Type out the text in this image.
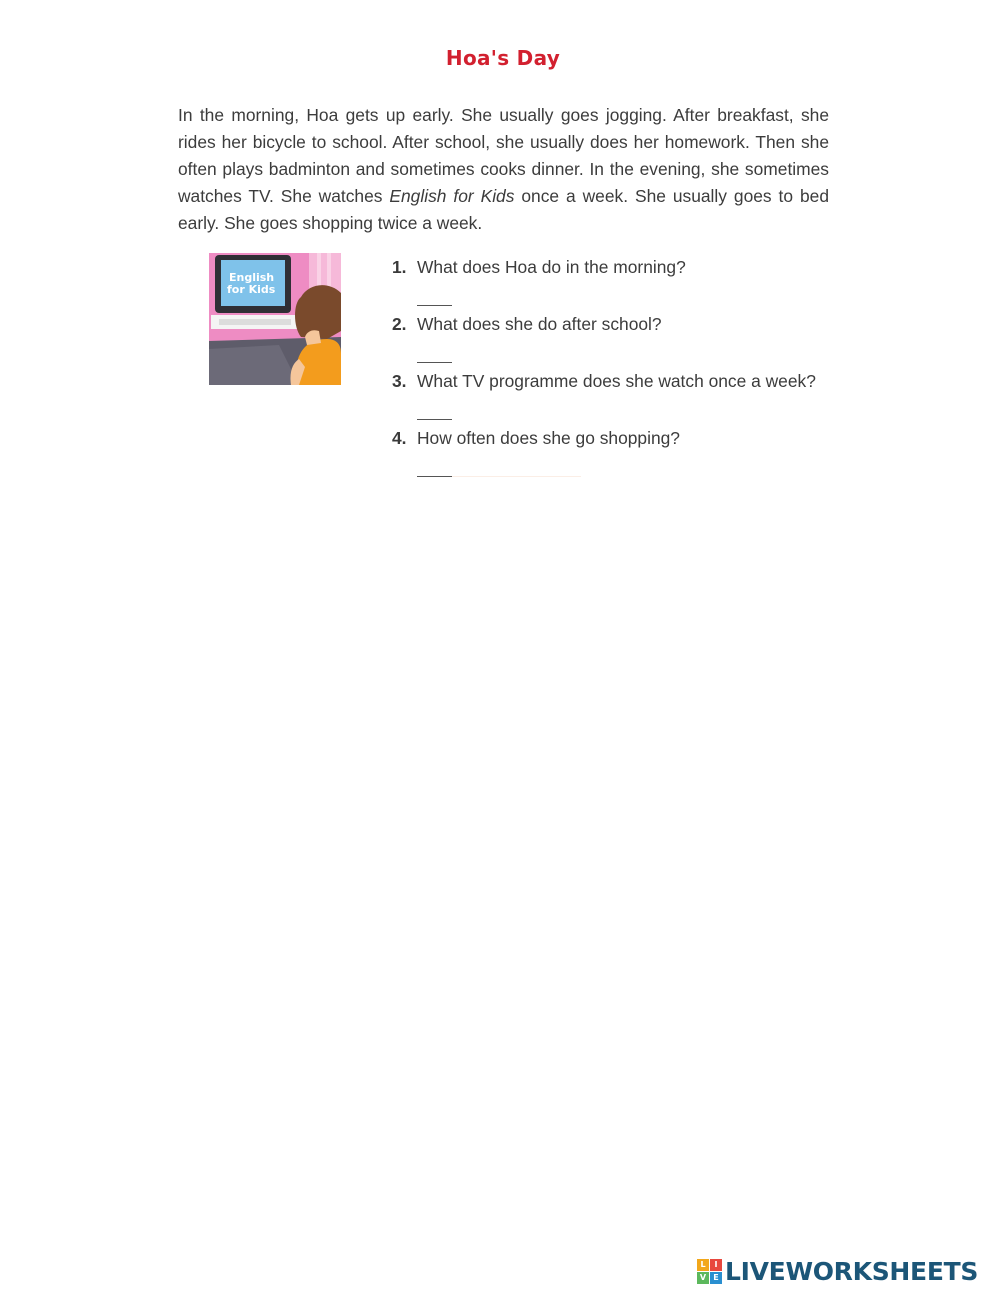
Hoa's Day

In the morning, Hoa gets up early. She usually goes jogging. After breakfast, she rides her bicycle to school. After school, she usually does her homework. Then she often plays badminton and sometimes cooks dinner. In the evening, she sometimes watches TV. She watches English for Kids once a week. She usually goes to bed early. She goes shopping twice a week.

English
for Kids
1. What does Hoa do in the morning?
2. What does she do after school?
3. What TV programme does she watch once a week?
4. How often does she go shopping?
L	I
V E LIVEWORKSHEETS
